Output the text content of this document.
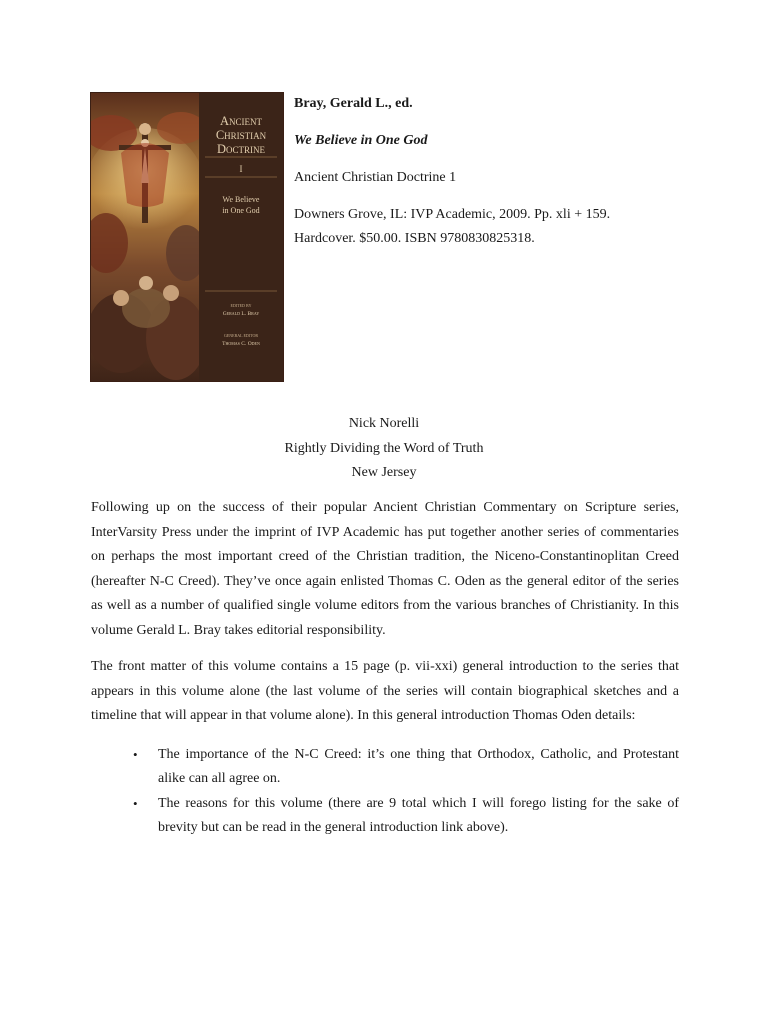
Ancient
Christian
Doctrine
I
We Believe
in One God
EDITED BY
Gerald L. Bray
GENERAL EDITOR
Thomas C. Oden

Bray, Gerald L., ed.

We Believe in One God

Ancient Christian Doctrine 1

Downers Grove, IL: IVP Academic, 2009. Pp. xli + 159.
Hardcover. $50.00. ISBN 9780830825318.

Nick Norelli
Rightly Dividing the Word of Truth
New Jersey

Following up on the success of their popular Ancient Christian Commentary on Scripture series, InterVarsity Press under the imprint of IVP Academic has put together another series of commentaries on perhaps the most important creed of the Christian tradition, the Niceno-Constantinoplitan Creed (hereafter N-C Creed). They’ve once again enlisted Thomas C. Oden as the general editor of the series as well as a number of qualified single volume editors from the various branches of Christianity. In this volume Gerald L. Bray takes editorial responsibility.

The front matter of this volume contains a 15 page (p. vii-xxi) general introduction to the series that appears in this volume alone (the last volume of the series will contain biographical sketches and a timeline that will appear in that volume alone). In this general introduction Thomas Oden details:

• The importance of the N-C Creed: it’s one thing that Orthodox, Catholic, and Protestant alike can all agree on.
• The reasons for this volume (there are 9 total which I will forego listing for the sake of brevity but can be read in the general introduction link above).
